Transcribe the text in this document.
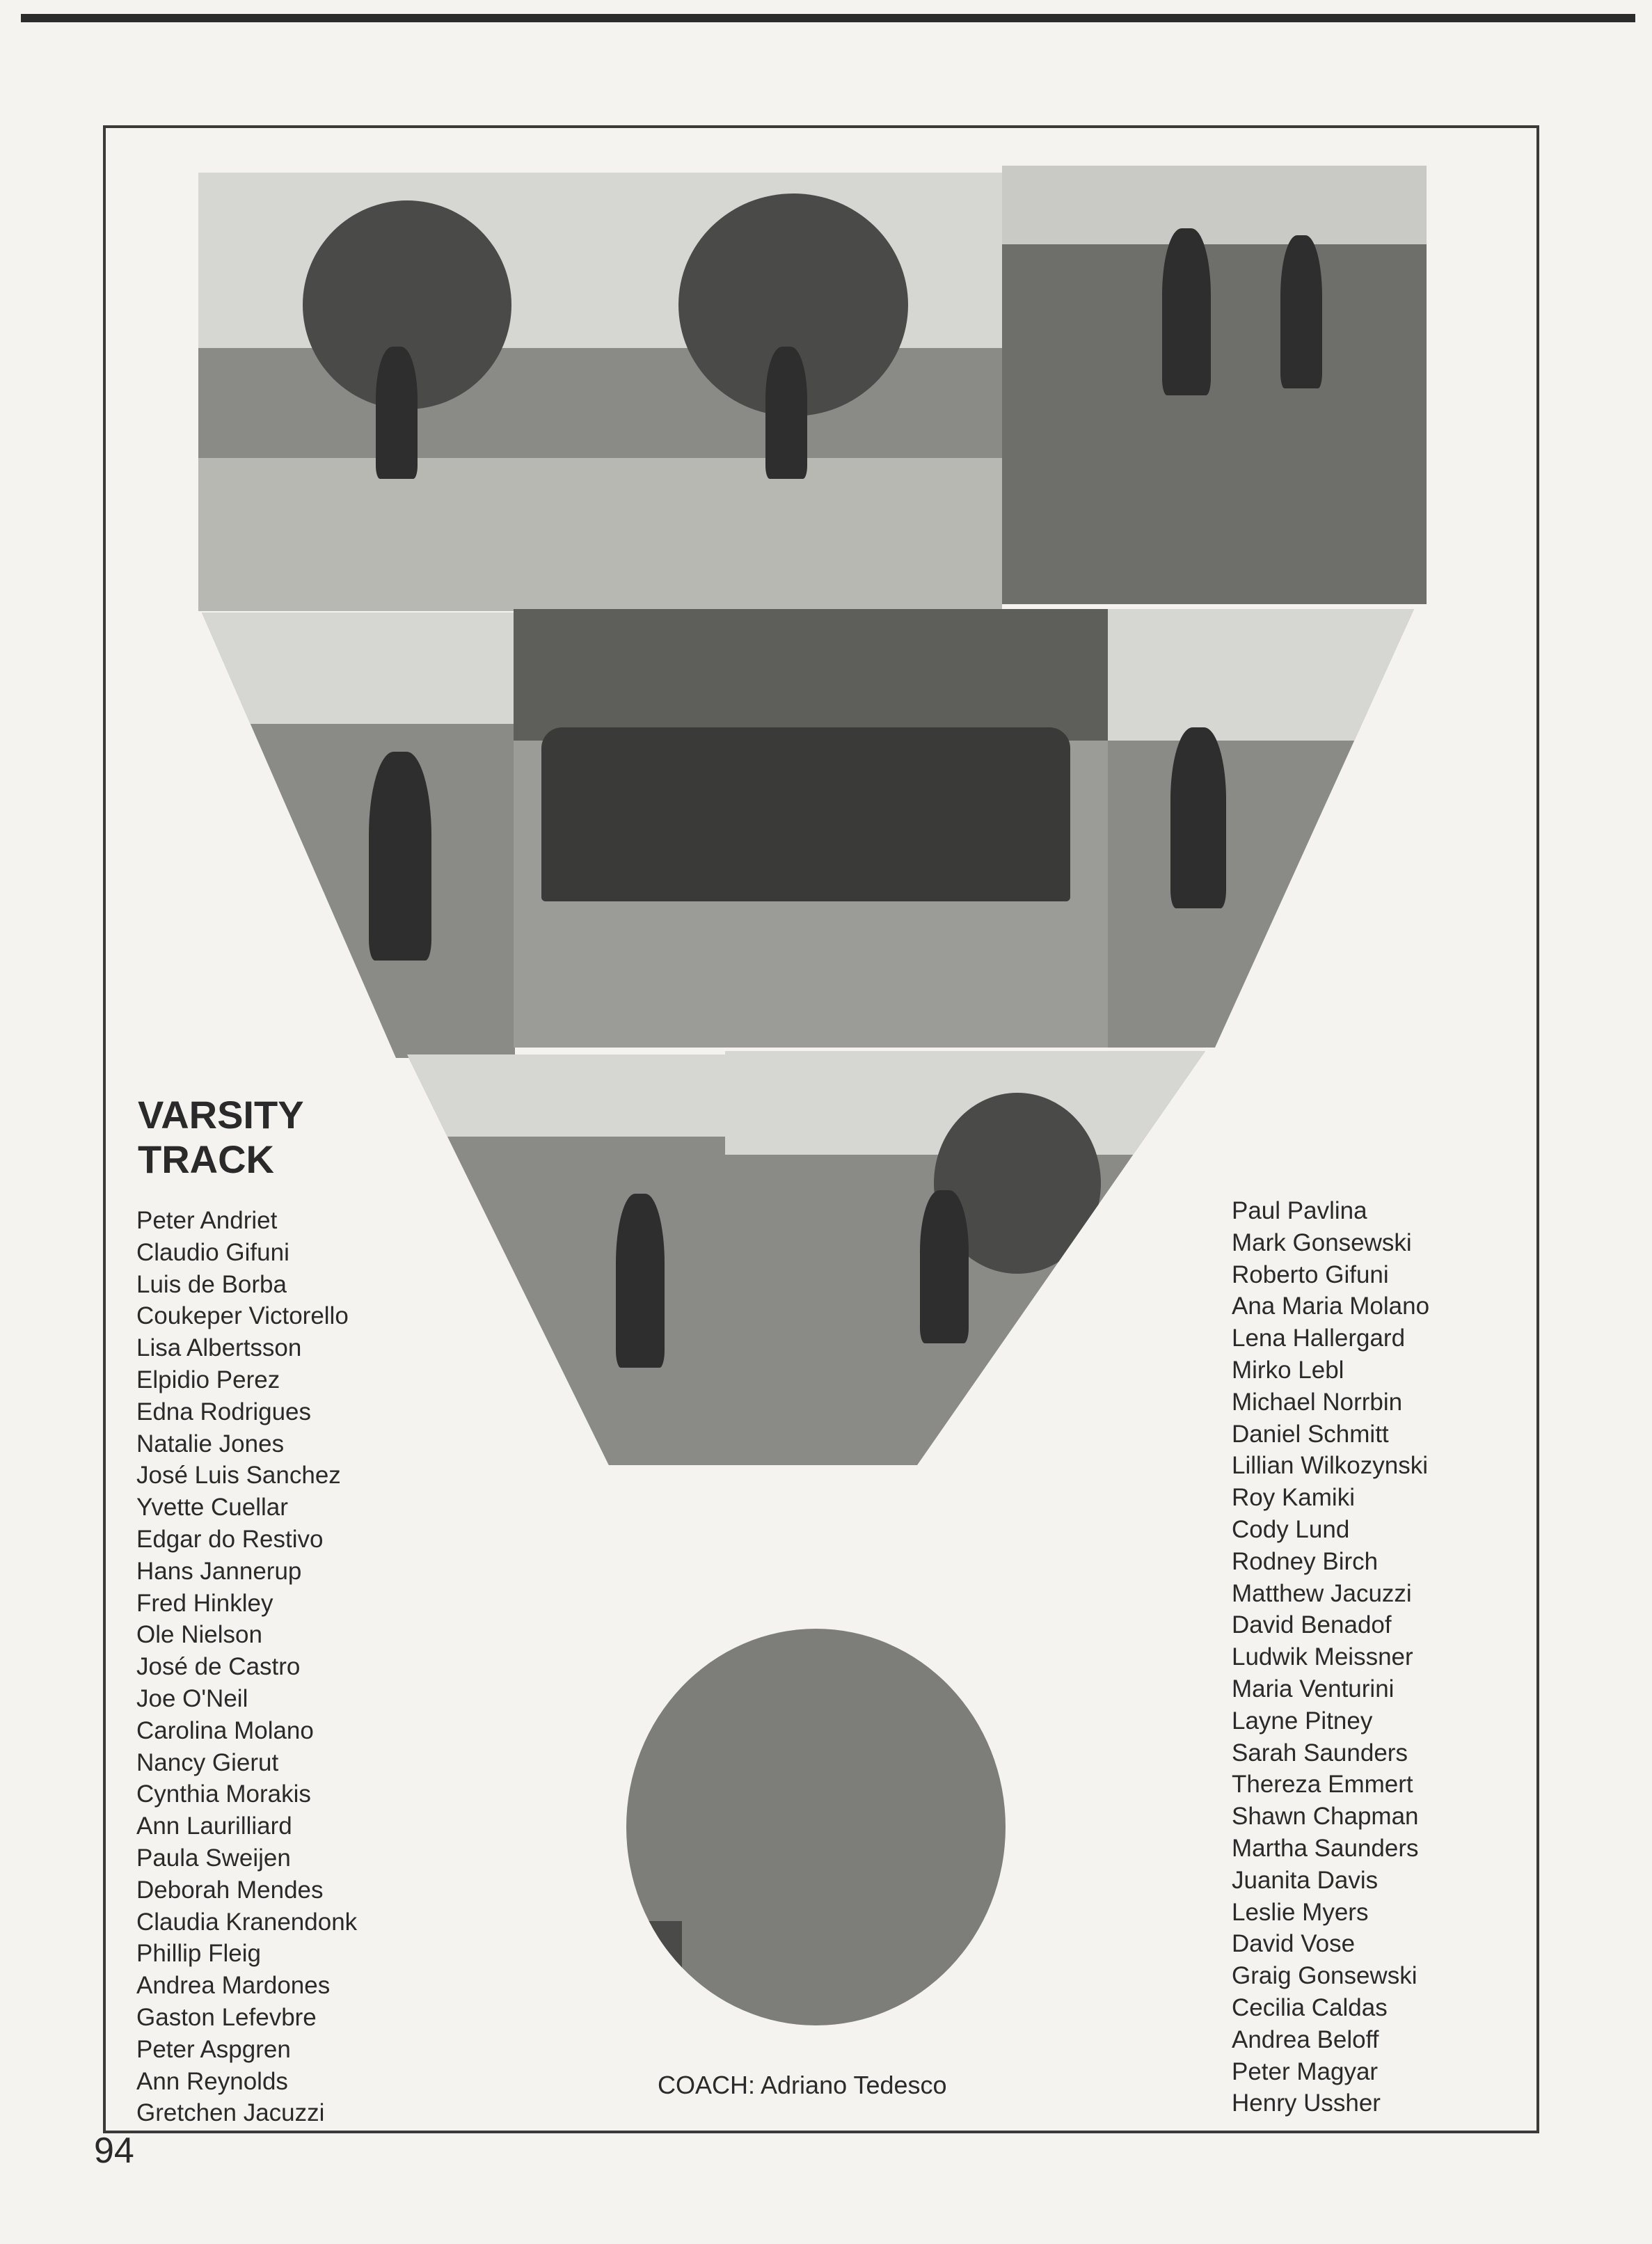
VARSITY
TRACK
Peter Andriet
Claudio Gifuni
Luis de Borba
Coukeper Victorello
Lisa Albertsson
Elpidio Perez
Edna Rodrigues
Natalie Jones
José Luis Sanchez
Yvette Cuellar
Edgar do Restivo
Hans Jannerup
Fred Hinkley
Ole Nielson
José de Castro
Joe O'Neil
Carolina Molano
Nancy Gierut
Cynthia Morakis
Ann Laurilliard
Paula Sweijen
Deborah Mendes
Claudia Kranendonk
Phillip Fleig
Andrea Mardones
Gaston Lefevbre
Peter Aspgren
Ann Reynolds
Gretchen Jacuzzi
Paul Pavlina
Mark Gonsewski
Roberto Gifuni
Ana Maria Molano
Lena Hallergard
Mirko Lebl
Michael Norrbin
Daniel Schmitt
Lillian Wilkozynski
Roy Kamiki
Cody Lund
Rodney Birch
Matthew Jacuzzi
David Benadof
Ludwik Meissner
Maria Venturini
Layne Pitney
Sarah Saunders
Thereza Emmert
Shawn Chapman
Martha Saunders
Juanita Davis
Leslie Myers
David Vose
Graig Gonsewski
Cecilia Caldas
Andrea Beloff
Peter Magyar
Henry Ussher
COACH: Adriano Tedesco
94
